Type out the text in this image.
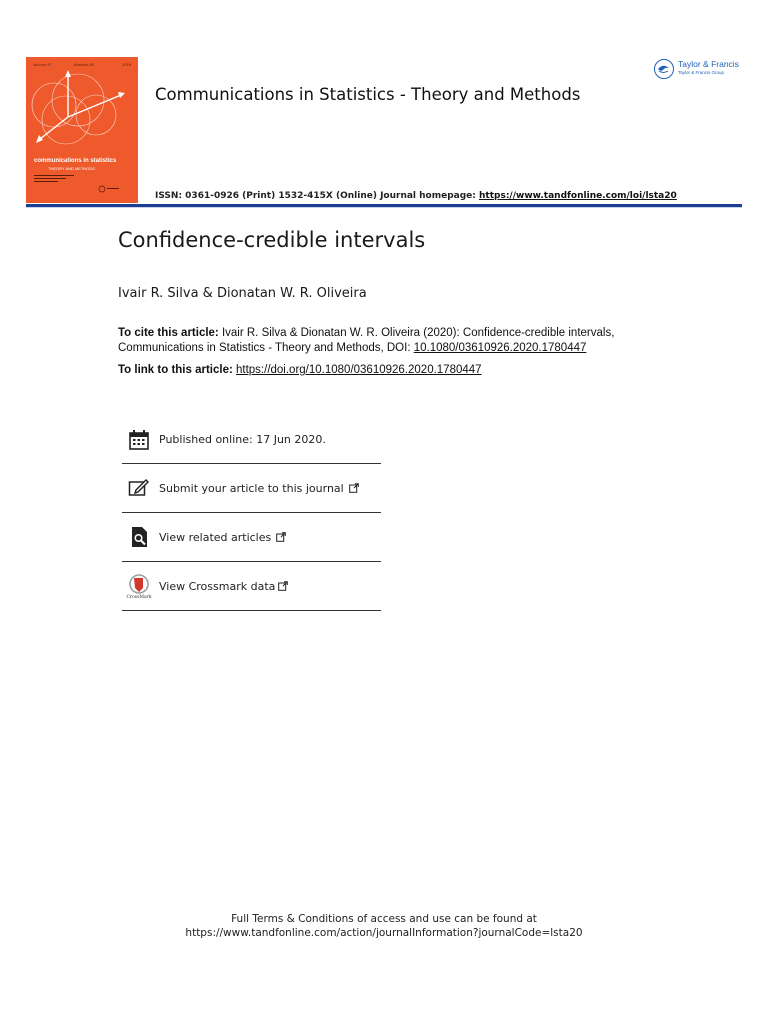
Volume 47	Number 08	2018
communications in statistics
THEORY AND METHODS
Communications in Statistics - Theory and Methods
Taylor & Francis
Taylor & Francis Group
ISSN: 0361-0926 (Print) 1532-415X (Online) Journal homepage: https://www.tandfonline.com/loi/lsta20
Confidence-credible intervals
Ivair R. Silva & Dionatan W. R. Oliveira
To cite this article: Ivair R. Silva & Dionatan W. R. Oliveira (2020): Confidence-credible intervals, Communications in Statistics - Theory and Methods, DOI: 10.1080/03610926.2020.1780447
To link to this article: https://doi.org/10.1080/03610926.2020.1780447
Published online: 17 Jun 2020.
Submit your article to this journal
View related articles
CrossMark
View Crossmark data
Full Terms & Conditions of access and use can be found at
https://www.tandfonline.com/action/journalInformation?journalCode=lsta20
